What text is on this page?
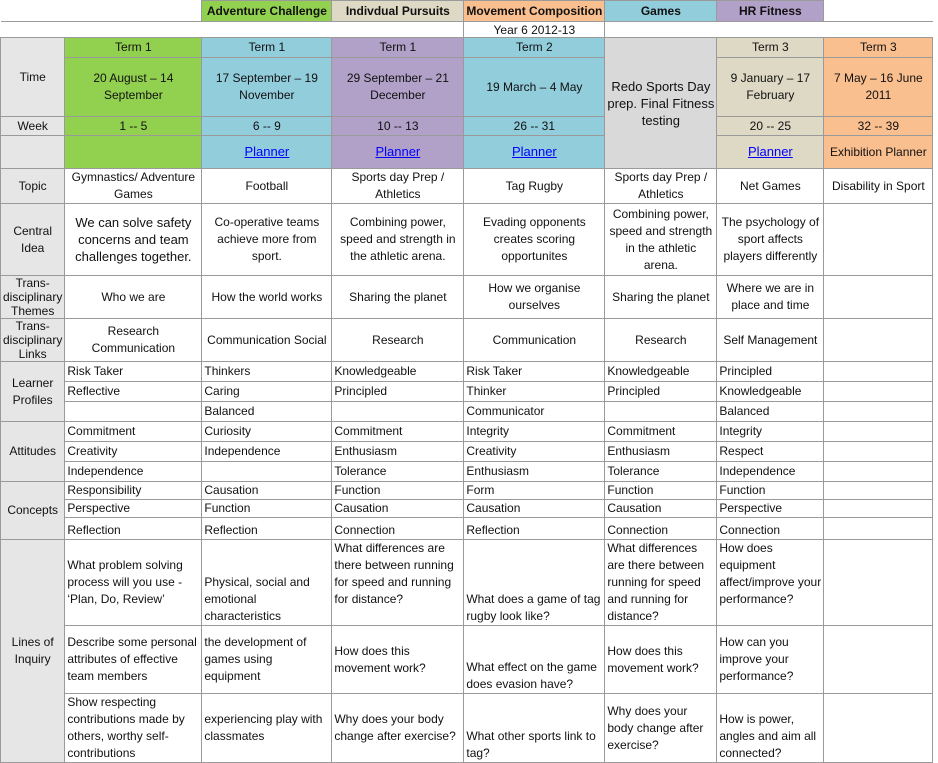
		Adventure Challenge	Indivdual Pursuits	Movement Composition	Games	HR Fitness	
				Year 6 2012-13			
Time	Term 1	Term 1	Term 1	Term 2	Redo Sports Day prep. Final Fitness testing	Term 3	Term 3
	20 August – 14 September	17 September – 19 November	29 September – 21 December	19 March – 4 May		9 January – 17 February	7 May – 16 June 2011
Week	1 -- 5	6 -- 9	10 -- 13	26 -- 31		20 -- 25	32 -- 39
		Planner	Planner	Planner		Planner	Exhibition Planner
Topic	Gymnastics/ Adventure Games	Football	Sports day Prep / Athletics	Tag Rugby	Sports day Prep / Athletics	Net Games	Disability in Sport
Central Idea	We can solve safety concerns and team challenges together.	Co-operative teams achieve more from sport.	Combining power, speed and strength in the athletic arena.	Evading opponents creates scoring opportunites	Combining power, speed and strength in the athletic arena.	The psychology of sport affects players differently	
Trans-disciplinary Themes	Who we are	How the world works	Sharing the planet	How we organise ourselves	Sharing the planet	Where we are in place and time	
Trans-disciplinary Links	Research Communication	Communication Social	Research	Communication	Research	Self Management	
Learner Profiles	Risk Taker	Thinkers	Knowledgeable	Risk Taker	Knowledgeable	Principled	
	Reflective	Caring	Principled	Thinker	Principled	Knowledgeable	
		Balanced		Communicator		Balanced	
Attitudes	Commitment	Curiosity	Commitment	Integrity	Commitment	Integrity	
	Creativity	Independence	Enthusiasm	Creativity	Enthusiasm	Respect	
	Independence		Tolerance	Enthusiasm	Tolerance	Independence	
Concepts	Responsibility	Causation	Function	Form	Function	Function	
	Perspective	Function	Causation	Causation	Causation	Perspective	
	Reflection	Reflection	Connection	Reflection	Connection	Connection	
Lines of Inquiry	What problem solving process will you use - ‘Plan, Do, Review’	Physical, social and emotional characteristics	What differences are there between running for speed and running for distance?	What does a game of tag rugby look like?	What differences are there between running for speed and running for distance?	How does equipment affect/improve your performance?	
	Describe some personal attributes of effective team members	the development of games using equipment	How does this movement work?	What effect on the game does evasion have?	How does this movement work?	How can you improve your performance?	
	Show respecting contributions made by others, worthy self-contributions	experiencing play with classmates	Why does your body change after exercise?	What other sports link to tag?	Why does your body change after exercise?	How is power, angles and aim all connected?	
